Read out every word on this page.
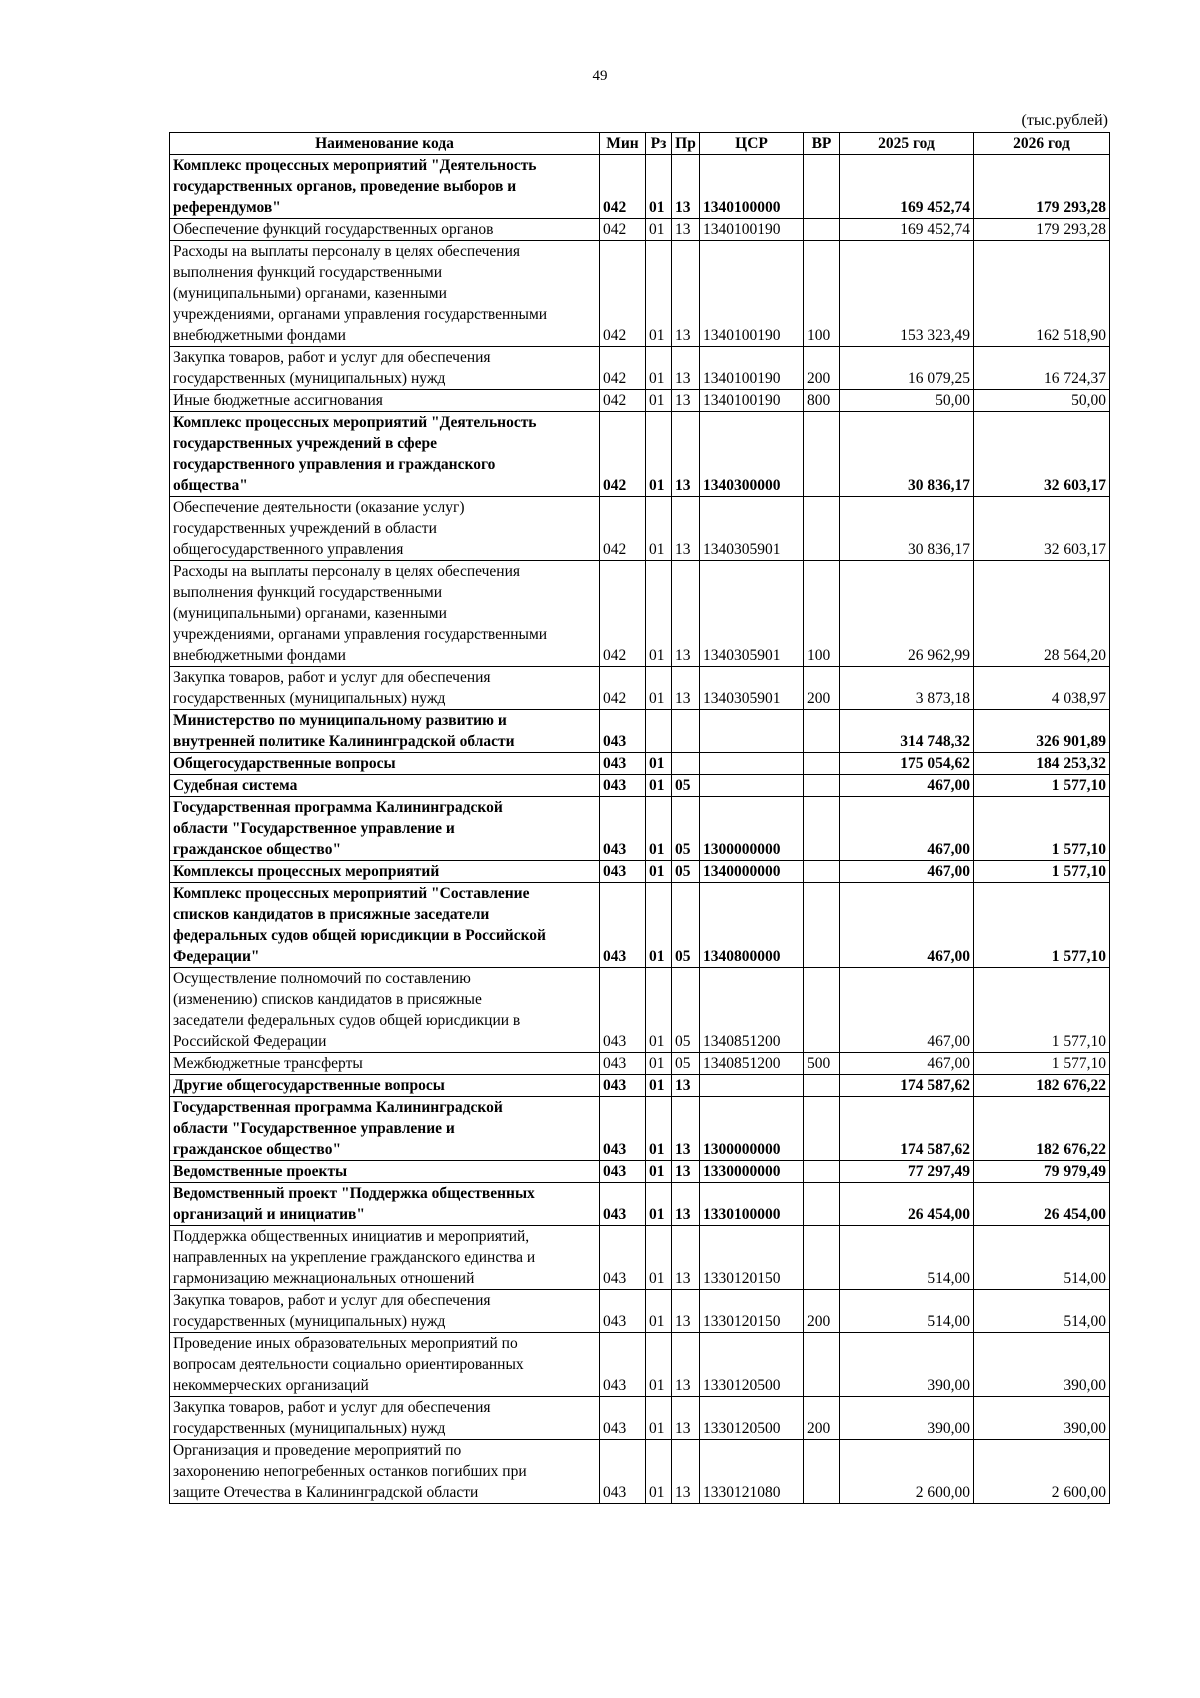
49
(тыс.рублей)
Наименование кода	Мин	Рз	Пр	ЦСР	ВР	2025 год	2026 год
Комплекс процессных мероприятий "Деятельность
государственных органов, проведение выборов и
референдумов"	042	01	13	1340100000		169 452,74	179 293,28
Обеспечение функций государственных органов	042	01	13	1340100190		169 452,74	179 293,28
Расходы на выплаты персоналу в целях обеспечения
выполнения функций государственными
(муниципальными) органами, казенными
учреждениями, органами управления государственными
внебюджетными фондами	042	01	13	1340100190	100	153 323,49	162 518,90
Закупка товаров, работ и услуг для обеспечения
государственных (муниципальных) нужд	042	01	13	1340100190	200	16 079,25	16 724,37
Иные бюджетные ассигнования	042	01	13	1340100190	800	50,00	50,00
Комплекс процессных мероприятий "Деятельность
государственных учреждений в сфере
государственного управления и гражданского
общества"	042	01	13	1340300000		30 836,17	32 603,17
Обеспечение деятельности (оказание услуг)
государственных учреждений в области
общегосударственного управления	042	01	13	1340305901		30 836,17	32 603,17
Расходы на выплаты персоналу в целях обеспечения
выполнения функций государственными
(муниципальными) органами, казенными
учреждениями, органами управления государственными
внебюджетными фондами	042	01	13	1340305901	100	26 962,99	28 564,20
Закупка товаров, работ и услуг для обеспечения
государственных (муниципальных) нужд	042	01	13	1340305901	200	3 873,18	4 038,97
Министерство по муниципальному развитию и
внутренней политике Калининградской области	043					314 748,32	326 901,89
Общегосударственные вопросы	043	01				175 054,62	184 253,32
Судебная система	043	01	05			467,00	1 577,10
Государственная программа Калининградской
области "Государственное управление и
гражданское общество"	043	01	05	1300000000		467,00	1 577,10
Комплексы процессных мероприятий	043	01	05	1340000000		467,00	1 577,10
Комплекс процессных мероприятий "Составление
списков кандидатов в присяжные заседатели
федеральных судов общей юрисдикции в Российской
Федерации"	043	01	05	1340800000		467,00	1 577,10
Осуществление полномочий по составлению
(изменению) списков кандидатов в присяжные
заседатели федеральных судов общей юрисдикции в
Российской Федерации	043	01	05	1340851200		467,00	1 577,10
Межбюджетные трансферты	043	01	05	1340851200	500	467,00	1 577,10
Другие общегосударственные вопросы	043	01	13			174 587,62	182 676,22
Государственная программа Калининградской
области "Государственное управление и
гражданское общество"	043	01	13	1300000000		174 587,62	182 676,22
Ведомственные проекты	043	01	13	1330000000		77 297,49	79 979,49
Ведомственный проект "Поддержка общественных
организаций и инициатив"	043	01	13	1330100000		26 454,00	26 454,00
Поддержка общественных инициатив и мероприятий,
направленных на укрепление гражданского единства и
гармонизацию межнациональных отношений	043	01	13	1330120150		514,00	514,00
Закупка товаров, работ и услуг для обеспечения
государственных (муниципальных) нужд	043	01	13	1330120150	200	514,00	514,00
Проведение иных образовательных мероприятий по
вопросам деятельности социально ориентированных
некоммерческих организаций	043	01	13	1330120500		390,00	390,00
Закупка товаров, работ и услуг для обеспечения
государственных (муниципальных) нужд	043	01	13	1330120500	200	390,00	390,00
Организация и проведение мероприятий по
захоронению непогребенных останков погибших при
защите Отечества в Калининградской области	043	01	13	1330121080		2 600,00	2 600,00
